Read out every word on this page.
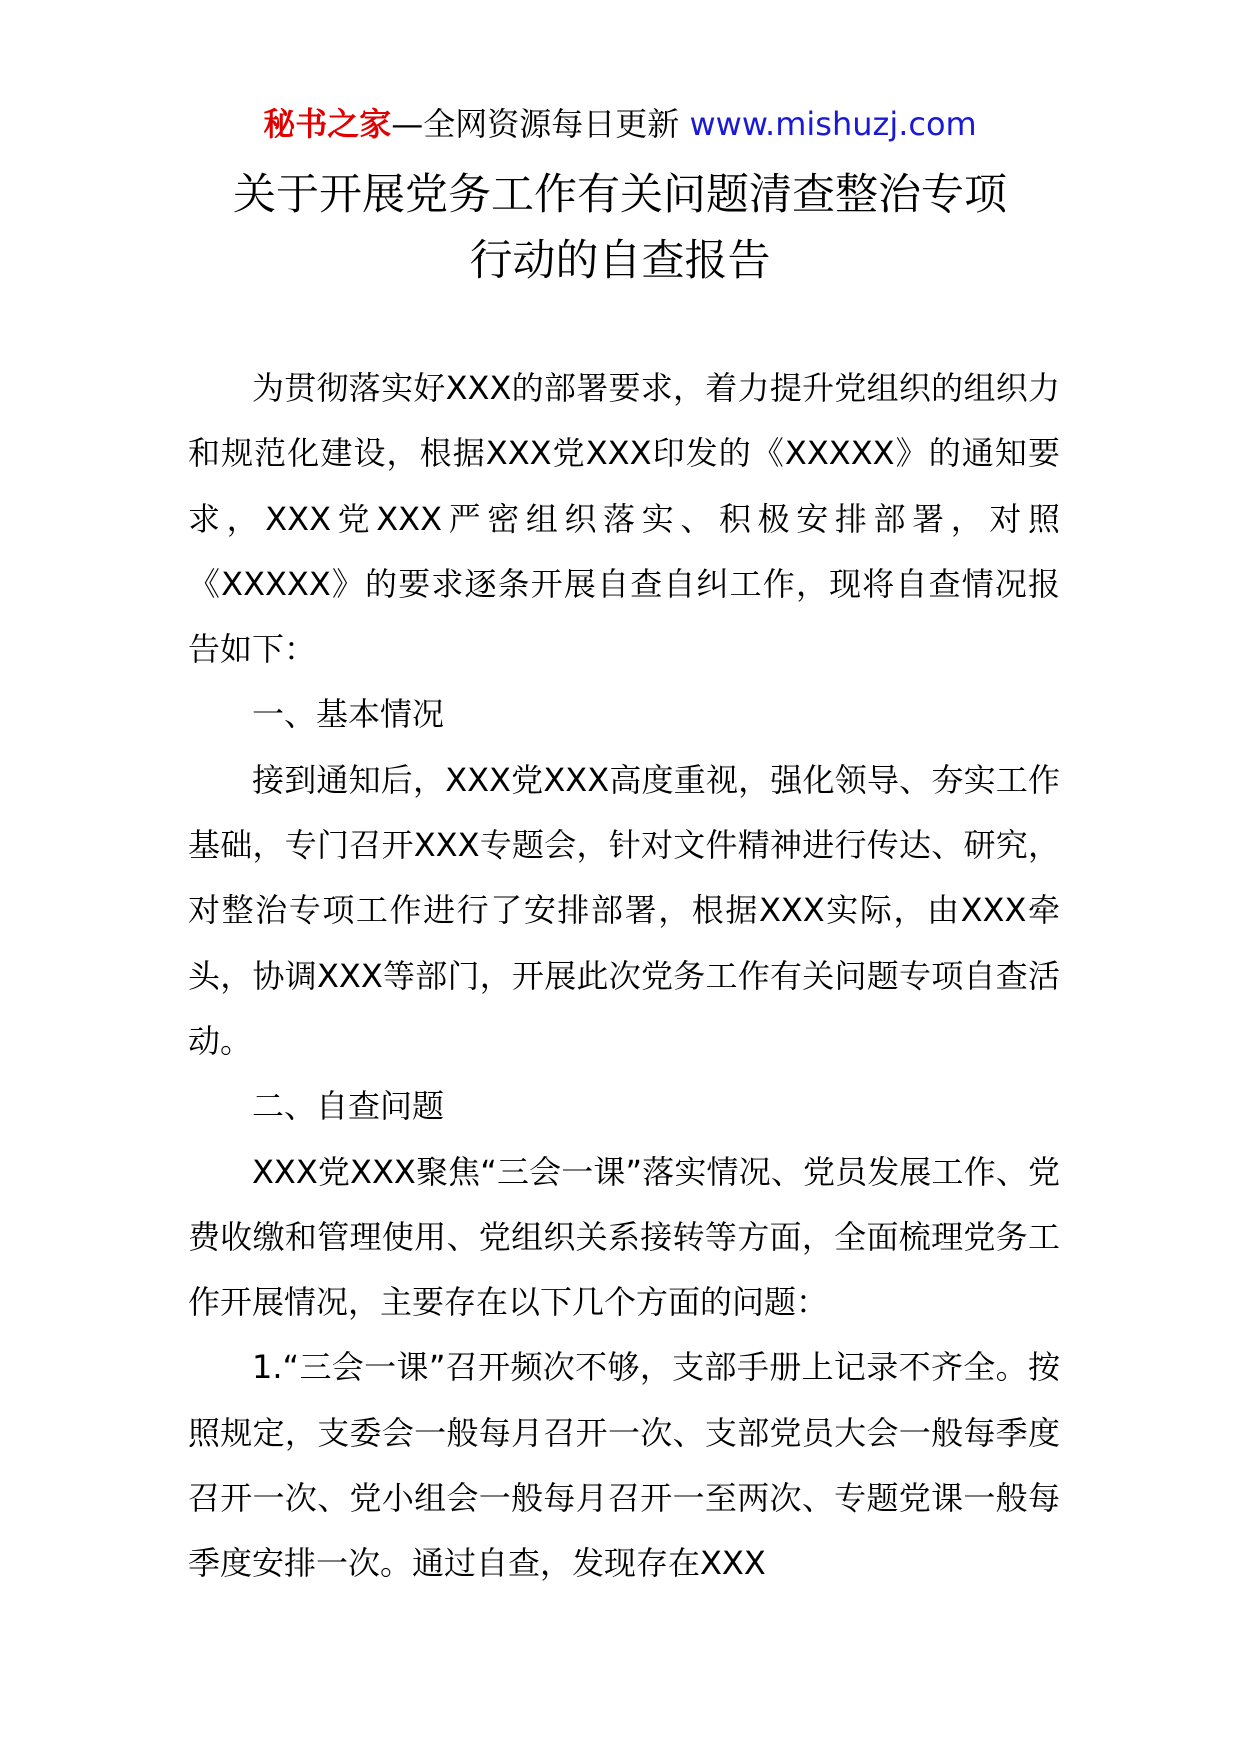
秘书之家—全网资源每日更新 www.mishuzj.com
关于开展党务工作有关问题清查整治专项
行动的自查报告

为贯彻落实好XXX的部署要求，着力提升党组织的组织力和规范化建设，根据XXX党XXX印发的《XXXXX》的通知要求，XXX党XXX严密组织落实、积极安排部署，对照《XXXXX》的要求逐条开展自查自纠工作，现将自查情况报告如下：

一、基本情况

接到通知后，XXX党XXX高度重视，强化领导、夯实工作基础，专门召开XXX专题会，针对文件精神进行传达、研究，对整治专项工作进行了安排部署，根据XXX实际，由XXX牵头，协调XXX等部门，开展此次党务工作有关问题专项自查活动。

二、自查问题

XXX党XXX聚焦“三会一课”落实情况、党员发展工作、党费收缴和管理使用、党组织关系接转等方面，全面梳理党务工作开展情况，主要存在以下几个方面的问题：

1.“三会一课”召开频次不够，支部手册上记录不齐全。按照规定，支委会一般每月召开一次、支部党员大会一般每季度召开一次、党小组会一般每月召开一至两次、专题党课一般每季度安排一次。通过自查，发现存在XXX
